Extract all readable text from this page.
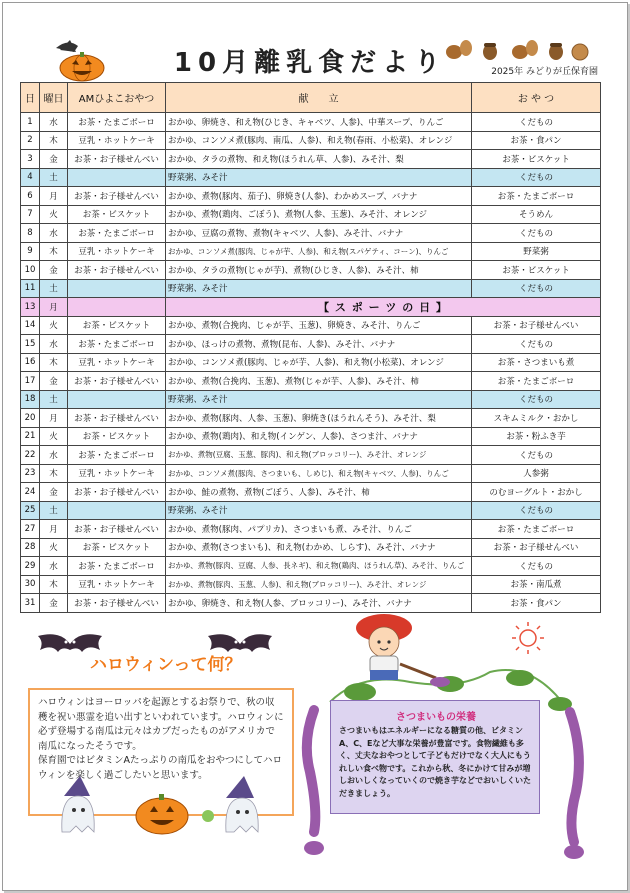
10月離乳食だより	2025年 みどりが丘保育園
日	曜日	AMひよこおやつ	献　　立	お や つ
1	水	お茶・たまごボーロ	おかゆ、卵焼き、和え物(ひじき、キャベツ、人参)、中華スープ、りんご	くだもの
2	木	豆乳・ホットケーキ	おかゆ、コンソメ煮(豚肉、南瓜、人参)、和え物(春雨、小松菜)、オレンジ	お茶・食パン
3	金	お茶・お子様せんべい	おかゆ、タラの煮物、和え物(ほうれん草、人参)、みそ汁、梨	お茶・ビスケット
4	土		野菜粥、みそ汁	くだもの
6	月	お茶・お子様せんべい	おかゆ、煮物(豚肉、茄子)、卵焼き(人参)、わかめスープ、バナナ	お茶・たまごボーロ
7	火	お茶・ビスケット	おかゆ、煮物(鶏肉、ごぼう)、煮物(人参、玉葱)、みそ汁、オレンジ	そうめん
8	水	お茶・たまごボーロ	おかゆ、豆腐の煮物、煮物(キャベツ、人参)、みそ汁、バナナ	くだもの
9	木	豆乳・ホットケーキ	おかゆ、コンソメ煮(豚肉、じゃが芋、人参)、和え物(スパゲティ、コーン)、りんご	野菜粥
10	金	お茶・お子様せんべい	おかゆ、タラの煮物(じゃが芋)、煮物(ひじき、人参)、みそ汁、柿	お茶・ビスケット
11	土		野菜粥、みそ汁	くだもの
13	月		【 ス ポ ー ツ の 日 】	
14	火	お茶・ビスケット	おかゆ、煮物(合挽肉、じゃが芋、玉葱)、卵焼き、みそ汁、りんご	お茶・お子様せんべい
15	水	お茶・たまごボーロ	おかゆ、ほっけの煮物、煮物(昆布、人参)、みそ汁、バナナ	くだもの
16	木	豆乳・ホットケーキ	おかゆ、コンソメ煮(豚肉、じゃが芋、人参)、和え物(小松菜)、オレンジ	お茶・さつまいも煮
17	金	お茶・お子様せんべい	おかゆ、煮物(合挽肉、玉葱)、煮物(じゃが芋、人参)、みそ汁、柿	お茶・たまごボーロ
18	土		野菜粥、みそ汁	くだもの
20	月	お茶・お子様せんべい	おかゆ、煮物(豚肉、人参、玉葱)、卵焼き(ほうれんそう)、みそ汁、梨	スキムミルク・おかし
21	火	お茶・ビスケット	おかゆ、煮物(鶏肉)、和え物(インゲン、人参)、さつま汁、バナナ	お茶・粉ふき芋
22	水	お茶・たまごボーロ	おかゆ、煮物(豆腐、玉葱、豚肉)、和え物(ブロッコリー)、みそ汁、オレンジ	くだもの
23	木	豆乳・ホットケーキ	おかゆ、コンソメ煮(豚肉、さつまいも、しめじ)、和え物(キャベツ、人参)、りんご	人参粥
24	金	お茶・お子様せんべい	おかゆ、鮭の煮物、煮物(ごぼう、人参)、みそ汁、柿	のむヨーグルト・おかし
25	土		野菜粥、みそ汁	くだもの
27	月	お茶・お子様せんべい	おかゆ、煮物(豚肉、パプリカ)、さつまいも煮、みそ汁、りんご	お茶・たまごボーロ
28	火	お茶・ビスケット	おかゆ、煮物(さつまいも)、和え物(わかめ、しらす)、みそ汁、バナナ	お茶・お子様せんべい
29	水	お茶・たまごボーロ	おかゆ、煮物(豚肉、豆腐、人参、長ネギ)、和え物(鶏肉、ほうれん草)、みそ汁、りんご	くだもの
30	木	豆乳・ホットケーキ	おかゆ、煮物(豚肉、玉葱、人参)、和え物(ブロッコリー)、みそ汁、オレンジ	お茶・南瓜煮
31	金	お茶・お子様せんべい	おかゆ、卵焼き、和え物(人参、ブロッコリー)、みそ汁、バナナ	お茶・食パン
ハロウィンって何？

ハロウィンはヨーロッパを起源とするお祭りで、秋の収穫を祝い悪霊を追い出すといわれています。ハロウィンに必ず登場する南瓜は元々はカブだったものがアメリカで南瓜になったそうです。

保育園ではビタミンAたっぷりの南瓜をおやつにしてハロウィンを楽しく過ごしたいと思います。

さつまいもの栄養
さつまいもはエネルギーになる糖質の他、ビタミンA、C、Eなど大事な栄養が豊富です。食物繊維も多く、丈夫なおやつとして子どもだけでなく大人にもうれしい食べ物です。これから秋、冬にかけて甘みが増しおいしくなっていくので焼き芋などでおいしくいただきましょう。
